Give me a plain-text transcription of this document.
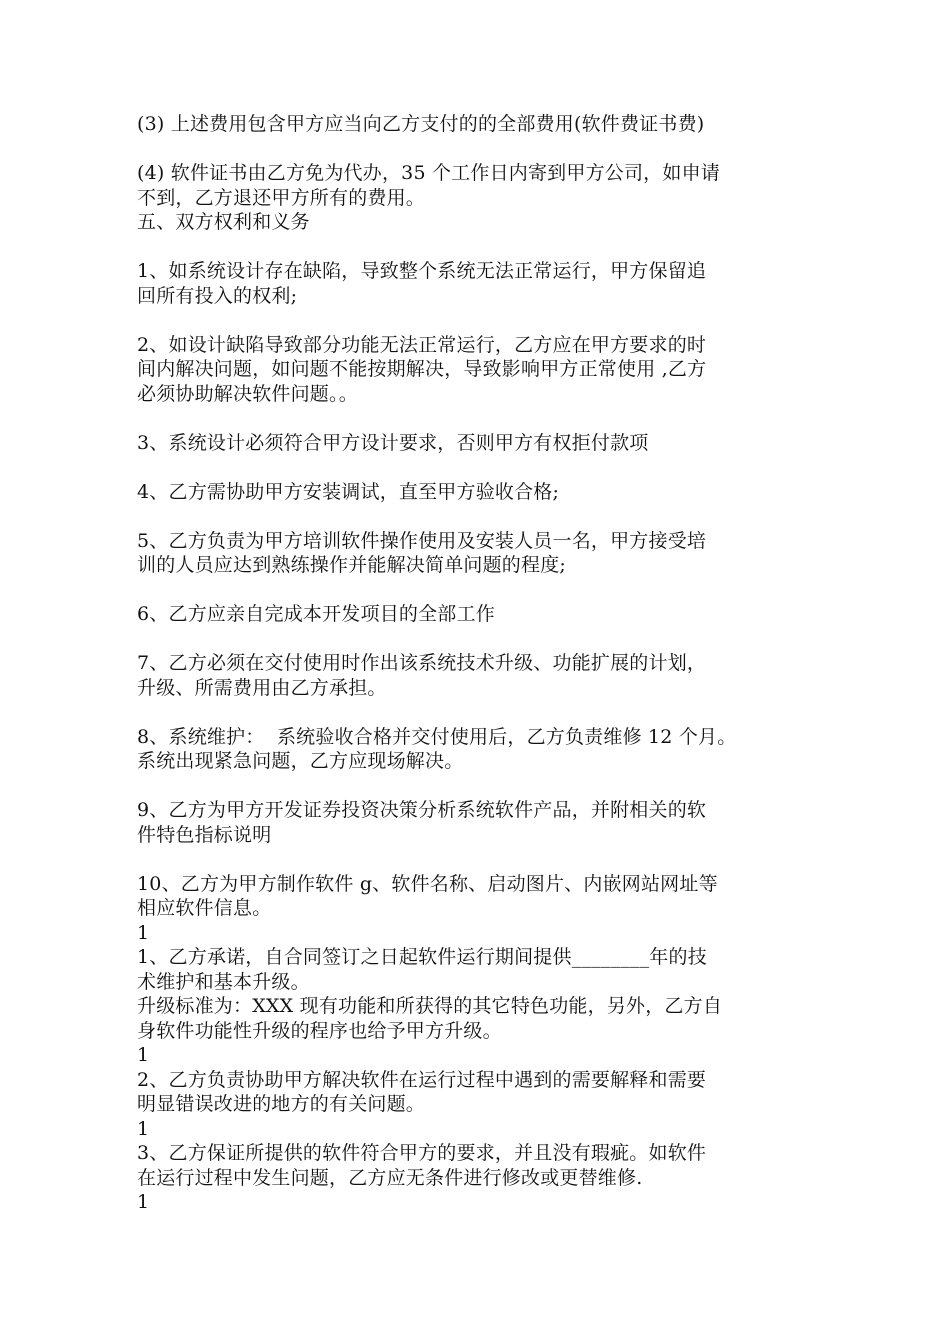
(3) 上述费用包含甲方应当向乙方支付的的全部费用(软件费证书费)
(4) 软件证书由乙方免为代办，35 个工作日内寄到甲方公司，如申请
不到，乙方退还甲方所有的费用。
五、双方权利和义务
1、如系统设计存在缺陷，导致整个系统无法正常运行，甲方保留追
回所有投入的权利;
2、如设计缺陷导致部分功能无法正常运行，乙方应在甲方要求的时
间内解决问题，如问题不能按期解决，导致影响甲方正常使用 ,乙方
必须协助解决软件问题。。
3、系统设计必须符合甲方设计要求，否则甲方有权拒付款项
4、乙方需协助甲方安装调试，直至甲方验收合格;
5、乙方负责为甲方培训软件操作使用及安装人员一名，甲方接受培
训的人员应达到熟练操作并能解决简单问题的程度;
6、乙方应亲自完成本开发项目的全部工作
7、乙方必须在交付使用时作出该系统技术升级、功能扩展的计划，
升级、所需费用由乙方承担。
8、系统维护：  系统验收合格并交付使用后，乙方负责维修 12 个月。
系统出现紧急问题，乙方应现场解决。
9、乙方为甲方开发证券投资决策分析系统软件产品，并附相关的软
件特色指标说明
10、乙方为甲方制作软件 g、软件名称、启动图片、内嵌网站网址等
相应软件信息。
1
1、乙方承诺，自合同签订之日起软件运行期间提供________年的技
术维护和基本升级。
升级标准为：XXX 现有功能和所获得的其它特色功能，另外，乙方自
身软件功能性升级的程序也给予甲方升级。
1
2、乙方负责协助甲方解决软件在运行过程中遇到的需要解释和需要
明显错误改进的地方的有关问题。
1
3、乙方保证所提供的软件符合甲方的要求，并且没有瑕疵。如软件
在运行过程中发生问题，乙方应无条件进行修改或更替维修.
1
